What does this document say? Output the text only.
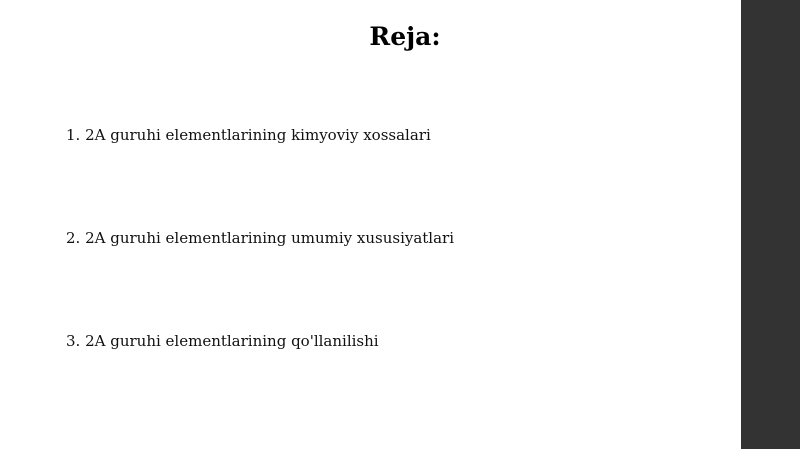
Reja:
1. 2A guruhi elementlarining kimyoviy xossalari
2. 2A guruhi elementlarining umumiy xususiyatlari
3. 2A guruhi elementlarining qo'llanilishi
